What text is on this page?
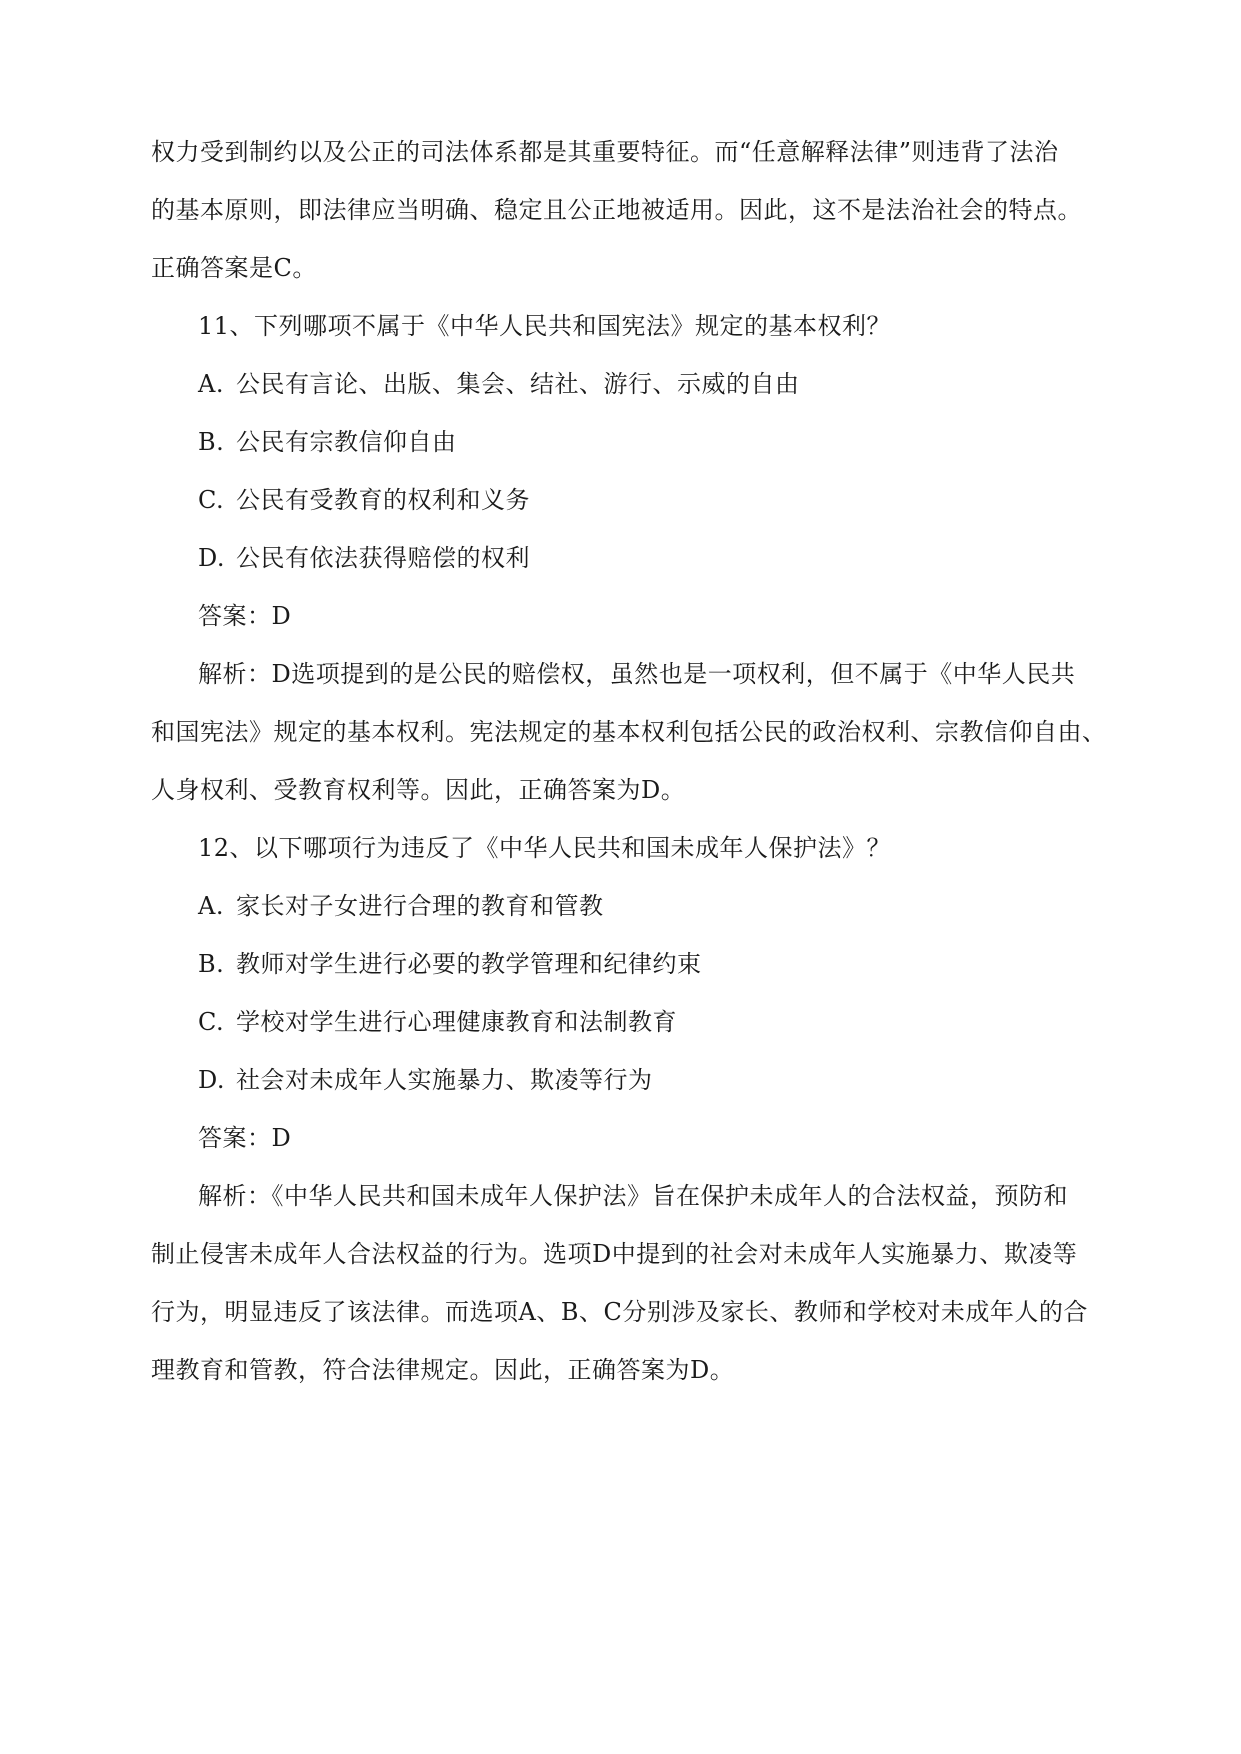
权力受到制约以及公正的司法体系都是其重要特征。而“任意解释法律”则违背了法治
的基本原则，即法律应当明确、稳定且公正地被适用。因此，这不是法治社会的特点。
正确答案是C。
11、下列哪项不属于《中华人民共和国宪法》规定的基本权利？
A. 公民有言论、出版、集会、结社、游行、示威的自由
B. 公民有宗教信仰自由
C. 公民有受教育的权利和义务
D. 公民有依法获得赔偿的权利
答案：D
解析：D选项提到的是公民的赔偿权，虽然也是一项权利，但不属于《中华人民共
和国宪法》规定的基本权利。宪法规定的基本权利包括公民的政治权利、宗教信仰自由、
人身权利、受教育权利等。因此，正确答案为D。
12、以下哪项行为违反了《中华人民共和国未成年人保护法》？
A. 家长对子女进行合理的教育和管教
B. 教师对学生进行必要的教学管理和纪律约束
C. 学校对学生进行心理健康教育和法制教育
D. 社会对未成年人实施暴力、欺凌等行为
答案：D
解析：《中华人民共和国未成年人保护法》旨在保护未成年人的合法权益，预防和
制止侵害未成年人合法权益的行为。选项D中提到的社会对未成年人实施暴力、欺凌等
行为，明显违反了该法律。而选项A、B、C分别涉及家长、教师和学校对未成年人的合
理教育和管教，符合法律规定。因此，正确答案为D。
